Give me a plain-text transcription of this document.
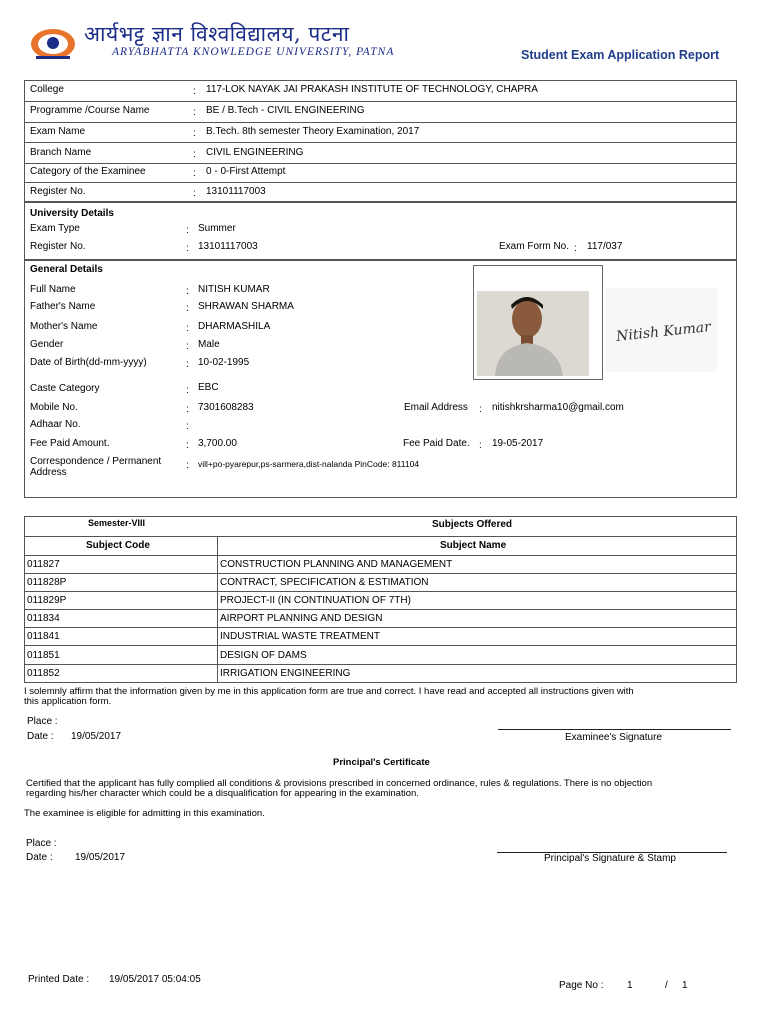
आर्यभट्ट ज्ञान विश्वविद्यालय, पटना
ARYABHATTA KNOWLEDGE UNIVERSITY, PATNA	Student Exam Application Report
College	: 117-LOK NAYAK JAI PRAKASH INSTITUTE OF TECHNOLOGY, CHAPRA
Programme /Course Name	: BE / B.Tech - CIVIL ENGINEERING
Exam Name	: B.Tech. 8th semester Theory Examination, 2017
Branch Name	: CIVIL ENGINEERING
Category of the Examinee	: 0 - 0-First Attempt
Register No.	: 13101117003
University Details
Exam Type	: Summer
Register No.	: 13101117003	Exam Form No. : 117/037
General Details
Full Name	: NITISH KUMAR
Father's Name	: SHRAWAN SHARMA
Mother's Name	: DHARMASHILA
Gender	: Male
Date of Birth(dd-mm-yyyy)	: 10-02-1995
Caste Category	: EBC
Mobile No.	: 7301608283	Email Address : nitishkrsharma10@gmail.com
Adhaar No.	:
Fee Paid Amount.	: 3,700.00	Fee Paid Date. : 19-05-2017
Correspondence / Permanent
Address
: vill+po-pyarepur,ps-sarmera,dist-nalanda PinCode: 811104
Nitish Kumar
Semester-VIII	Subjects Offered
Subject Code	Subject Name
011827	CONSTRUCTION PLANNING AND MANAGEMENT
011828P	CONTRACT, SPECIFICATION & ESTIMATION
011829P	PROJECT-II (IN CONTINUATION OF 7TH)
011834	AIRPORT PLANNING AND DESIGN
011841	INDUSTRIAL WASTE TREATMENT
011851	DESIGN OF DAMS
011852	IRRIGATION ENGINEERING
I solemnly affirm that the information given by me in this application form are true and correct. I have read and accepted all instructions given with
this application form.
Place :
Date : 19/05/2017	Examinee's Signature
Principal's Certificate
Certified that the applicant has fully complied all conditions & provisions prescribed in concerned ordinance, rules & regulations. There is no objection
regarding his/her character which could be a disqualification for appearing in the examination.
The examinee is eligible for admitting in this examination.
Place :
Date : 19/05/2017	Principal's Signature & Stamp
Printed Date : 19/05/2017 05:04:05
Page No : 1	/ 1
